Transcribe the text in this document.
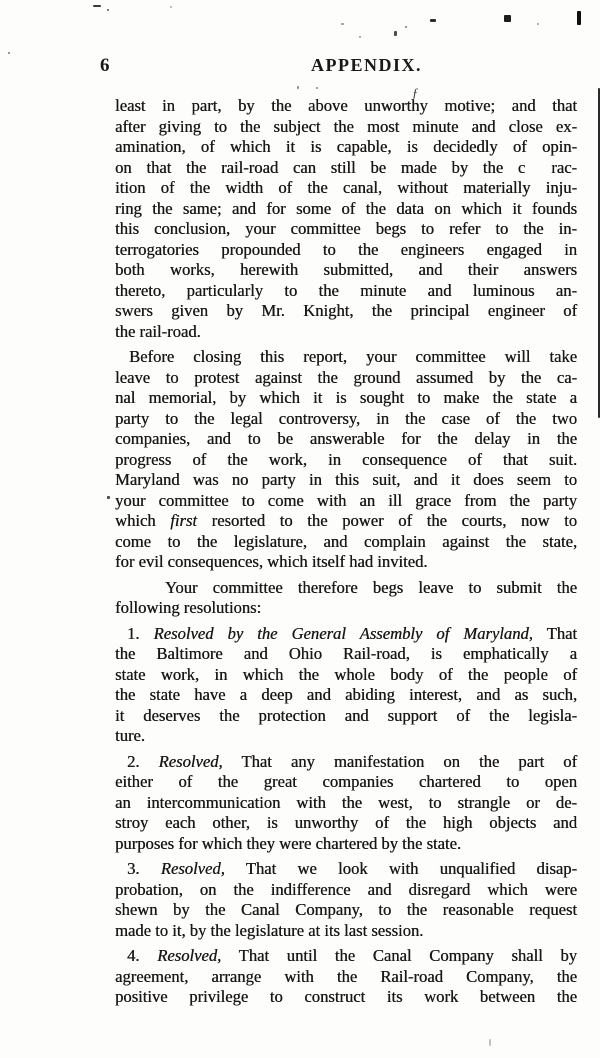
6	APPENDIX.
least in part, by the above unworthy motive; and that
after giving to the subject the most minute and close ex-
amination, of which it is capable, is decidedly of opin-
on that the rail-road can still be made by the c rac-
ition of the width of the canal, without materially inju-
ring the same; and for some of the data on which it founds
this conclusion, your committee begs to refer to the in-
terrogatories propounded to the engineers engaged in
both works, herewith submitted, and their answers
thereto, particularly to the minute and luminous an-
swers given by Mr. Knight, the principal engineer of
the rail-road.
Before closing this report, your committee will take
leave to protest against the ground assumed by the ca-
nal memorial, by which it is sought to make the state a
party to the legal controversy, in the case of the two
companies, and to be answerable for the delay in the
progress of the work, in consequence of that suit.
Maryland was no party in this suit, and it does seem to
your committee to come with an ill grace from the party
which first resorted to the power of the courts, now to
come to the legislature, and complain against the state,
for evil consequences, which itself had invited.
Your committee therefore begs leave to submit the
following resolutions:
1. Resolved by the General Assembly of Maryland, That
the Baltimore and Ohio Rail-road, is emphatically a
state work, in which the whole body of the people of
the state have a deep and abiding interest, and as such,
it deserves the protection and support of the legisla-
ture.
2. Resolved, That any manifestation on the part of
either of the great companies chartered to open
an intercommunication with the west, to strangle or de-
stroy each other, is unworthy of the high objects and
purposes for which they were chartered by the state.
3. Resolved, That we look with unqualified disap-
probation, on the indifference and disregard which were
shewn by the Canal Company, to the reasonable request
made to it, by the legislature at its last session.
4. Resolved, That until the Canal Company shall by
agreement, arrange with the Rail-road Company, the
positive privilege to construct its work between the
ƒ
